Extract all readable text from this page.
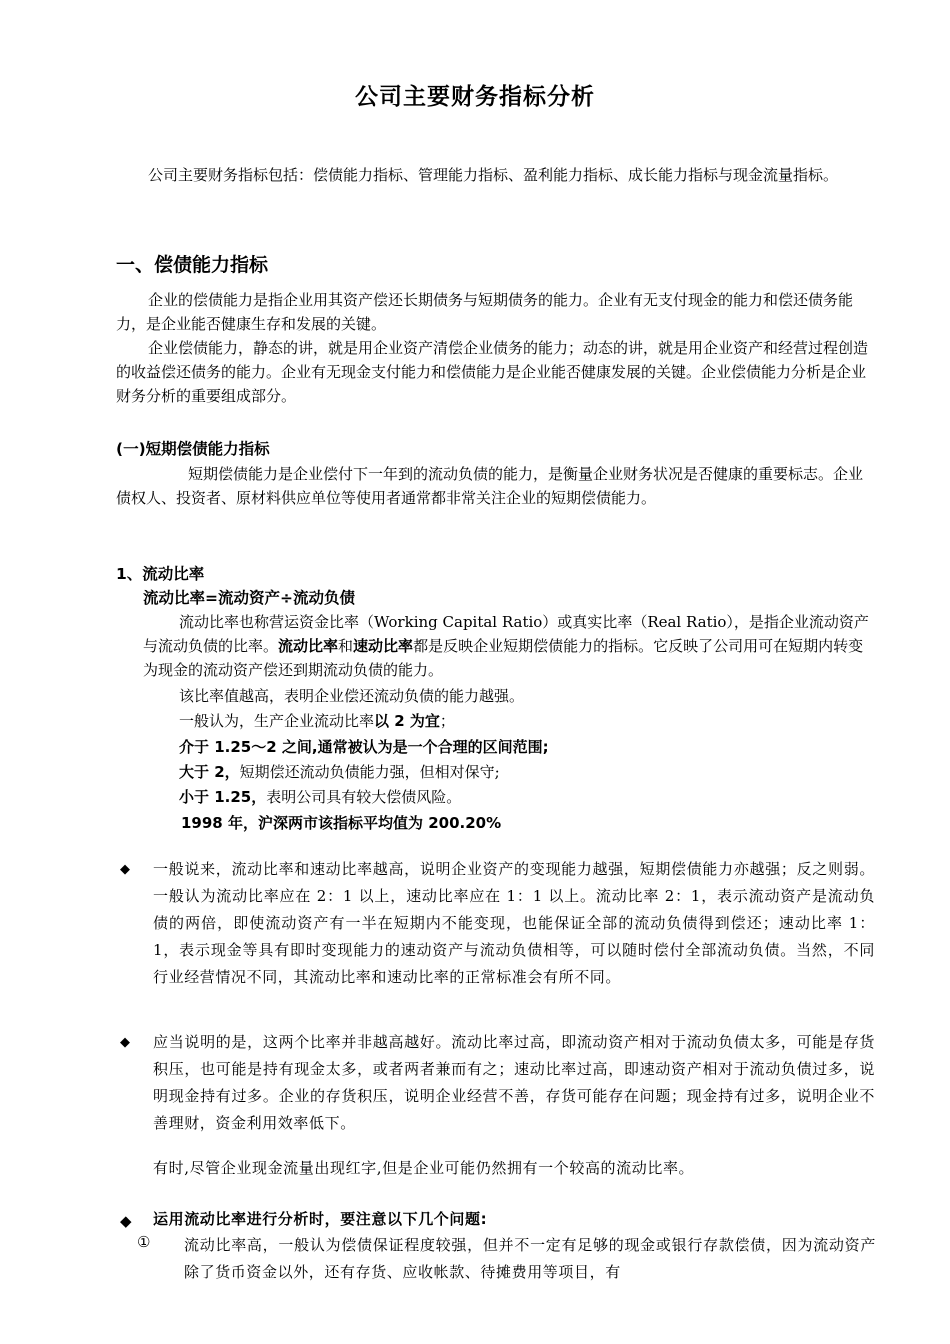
公司主要财务指标分析
公司主要财务指标包括：偿债能力指标、管理能力指标、盈利能力指标、成长能力指标与现金流量指标。
一、偿债能力指标
企业的偿债能力是指企业用其资产偿还长期债务与短期债务的能力。企业有无支付现金的能力和偿还债务能力，是企业能否健康生存和发展的关键。
企业偿债能力，静态的讲，就是用企业资产清偿企业债务的能力；动态的讲，就是用企业资产和经营过程创造的收益偿还债务的能力。企业有无现金支付能力和偿债能力是企业能否健康发展的关键。企业偿债能力分析是企业财务分析的重要组成部分。
(一)短期偿债能力指标
短期偿债能力是企业偿付下一年到的流动负债的能力，是衡量企业财务状况是否健康的重要标志。企业债权人、投资者、原材料供应单位等使用者通常都非常关注企业的短期偿债能力。
1、流动比率
流动比率=流动资产÷流动负债
流动比率也称营运资金比率（Working Capital Ratio）或真实比率（Real Ratio），是指企业流动资产与流动负债的比率。流动比率和速动比率都是反映企业短期偿债能力的指标。它反映了公司用可在短期内转变为现金的流动资产偿还到期流动负债的能力。
该比率值越高，表明企业偿还流动负债的能力越强。
一般认为，生产企业流动比率以 2 为宜；
介于 1.25～2 之间,通常被认为是一个合理的区间范围;
大于 2，短期偿还流动负债能力强，但相对保守;
小于 1.25，表明公司具有较大偿债风险。
1998 年，沪深两市该指标平均值为 200.20%
◆ 一般说来，流动比率和速动比率越高，说明企业资产的变现能力越强，短期偿债能力亦越强；反之则弱。一般认为流动比率应在 2：1 以上，速动比率应在 1：1 以上。流动比率 2：1，表示流动资产是流动负债的两倍，即使流动资产有一半在短期内不能变现，也能保证全部的流动负债得到偿还；速动比率 1：1，表示现金等具有即时变现能力的速动资产与流动负债相等，可以随时偿付全部流动负债。当然，不同行业经营情况不同，其流动比率和速动比率的正常标准会有所不同。
◆ 应当说明的是，这两个比率并非越高越好。流动比率过高，即流动资产相对于流动负债太多，可能是存货积压，也可能是持有现金太多，或者两者兼而有之；速动比率过高，即速动资产相对于流动负债过多，说明现金持有过多。企业的存货积压，说明企业经营不善，存货可能存在问题；现金持有过多，说明企业不善理财，资金利用效率低下。
有时,尽管企业现金流量出现红字,但是企业可能仍然拥有一个较高的流动比率。
◆ 运用流动比率进行分析时，要注意以下几个问题:
① 流动比率高，一般认为偿债保证程度较强，但并不一定有足够的现金或银行存款偿债，因为流动资产除了货币资金以外，还有存货、应收帐款、待摊费用等项目，有
